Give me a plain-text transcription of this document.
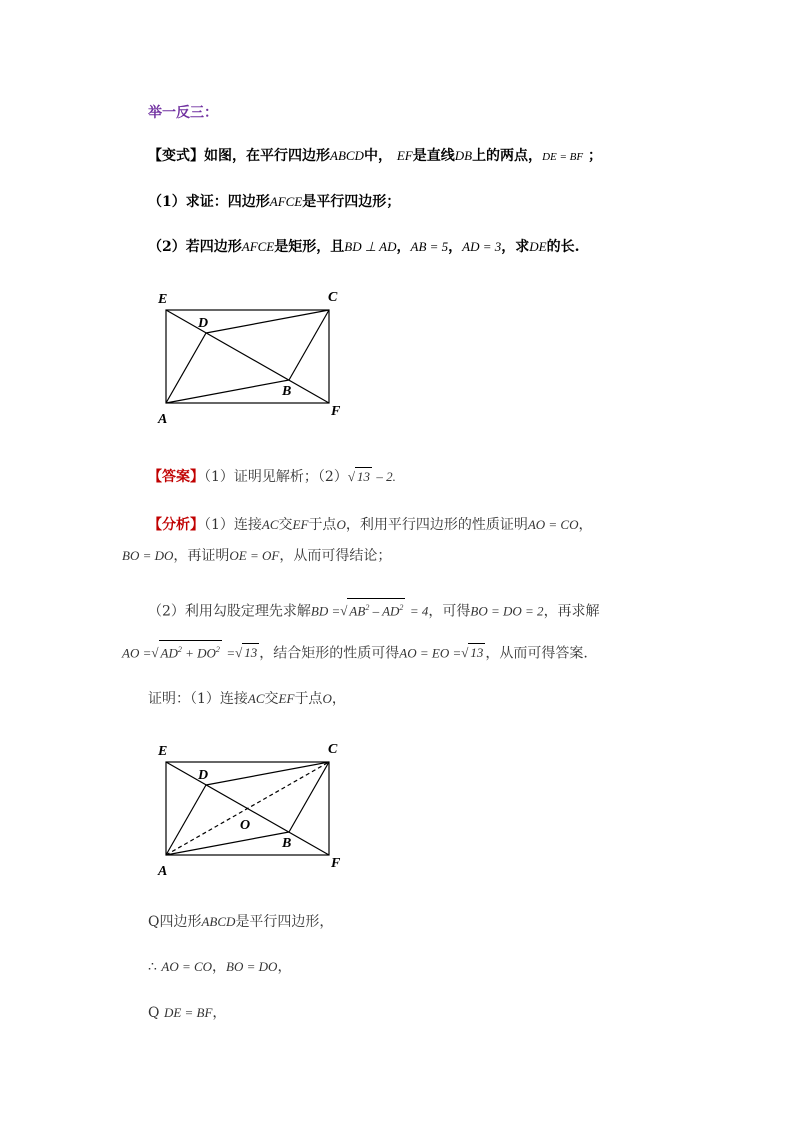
举一反三：
【变式】如图，在平行四边形ABCD中， EF是直线DB上的两点，DE = BF ；
（1）求证：四边形AFCE是平行四边形；
（2）若四边形AFCE是矩形，且BD ⊥ AD，AB = 5，AD = 3，求DE的长.
E	C
D
B
A
F
【答案】（1）证明见解析；（2）√ 13 – 2.
【分析】（1）连接AC交EF于点O，利用平行四边形的性质证明AO = CO，
BO = DO，再证明OE = OF，从而可得结论；
（2）利用勾股定理先求解BD =√ $AB^2 - AD^2 = 4$，可得BO = DO = 2，再求解
AO =√ $AD^2 + DO^2$ =√ 13 ，结合矩形的性质可得AO = EO =√ 13 ，从而可得答案.
证明：（1）连接AC交EF于点O，
E	C
D
O
B
A
F
Q四边形ABCD是平行四边形，
∴ AO = CO，BO = DO，
Q DE = BF，
